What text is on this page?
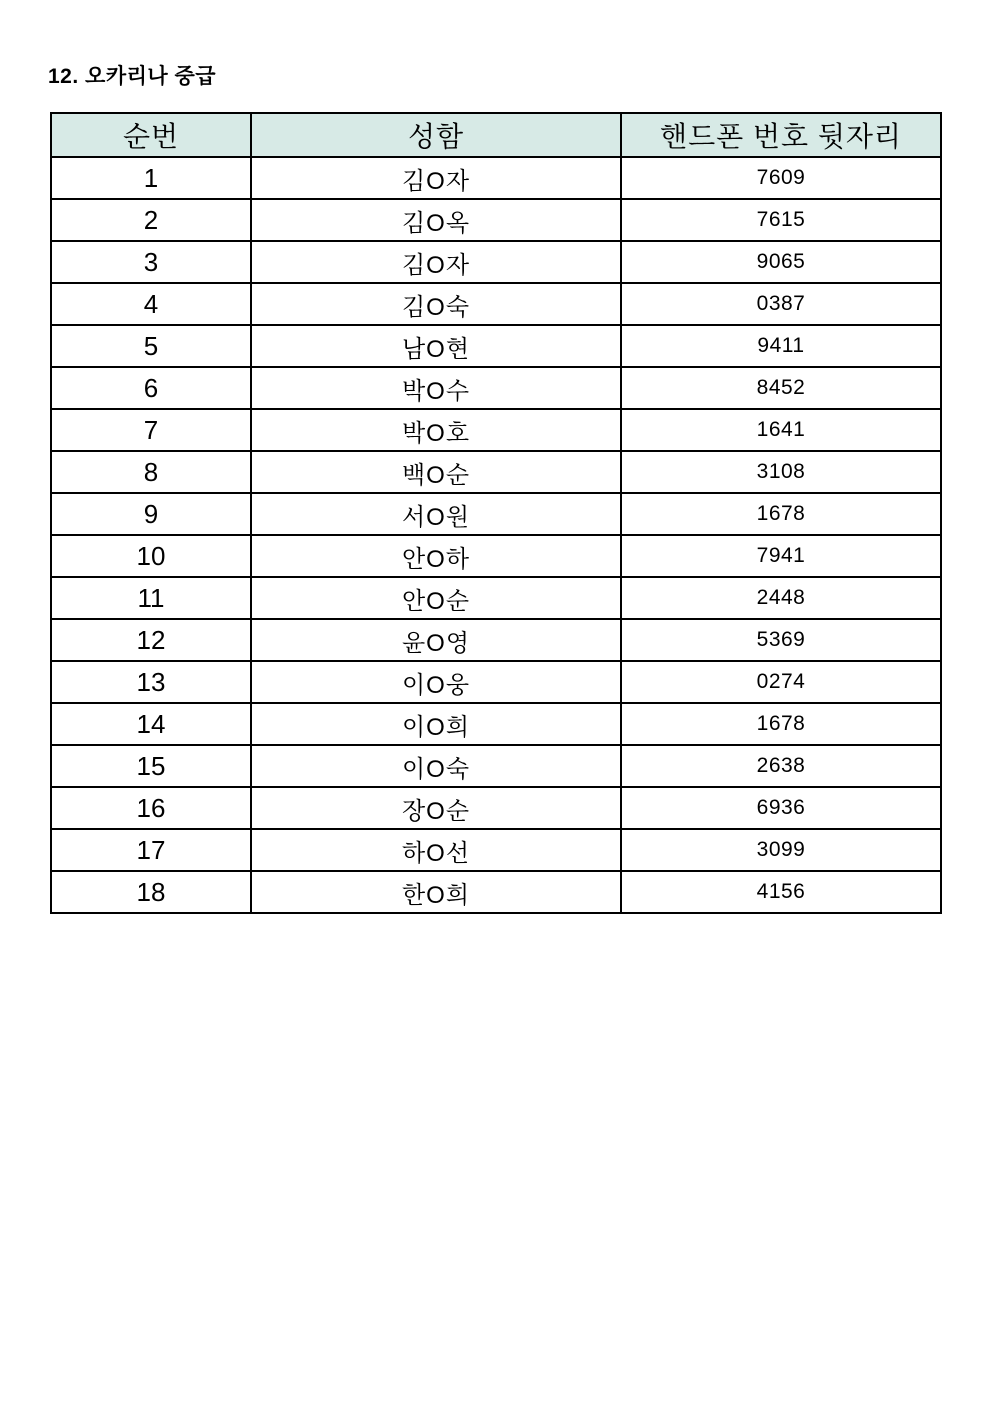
12. 오카리나 중급
순번	성함	핸드폰 번호 뒷자리
1	김O자	7609
2	김O옥	7615
3	김O자	9065
4	김O숙	0387
5	남O현	9411
6	박O수	8452
7	박O호	1641
8	백O순	3108
9	서O원	1678
10	안O하	7941
11	안O순	2448
12	윤O영	5369
13	이O웅	0274
14	이O희	1678
15	이O숙	2638
16	장O순	6936
17	하O선	3099
18	한O희	4156
